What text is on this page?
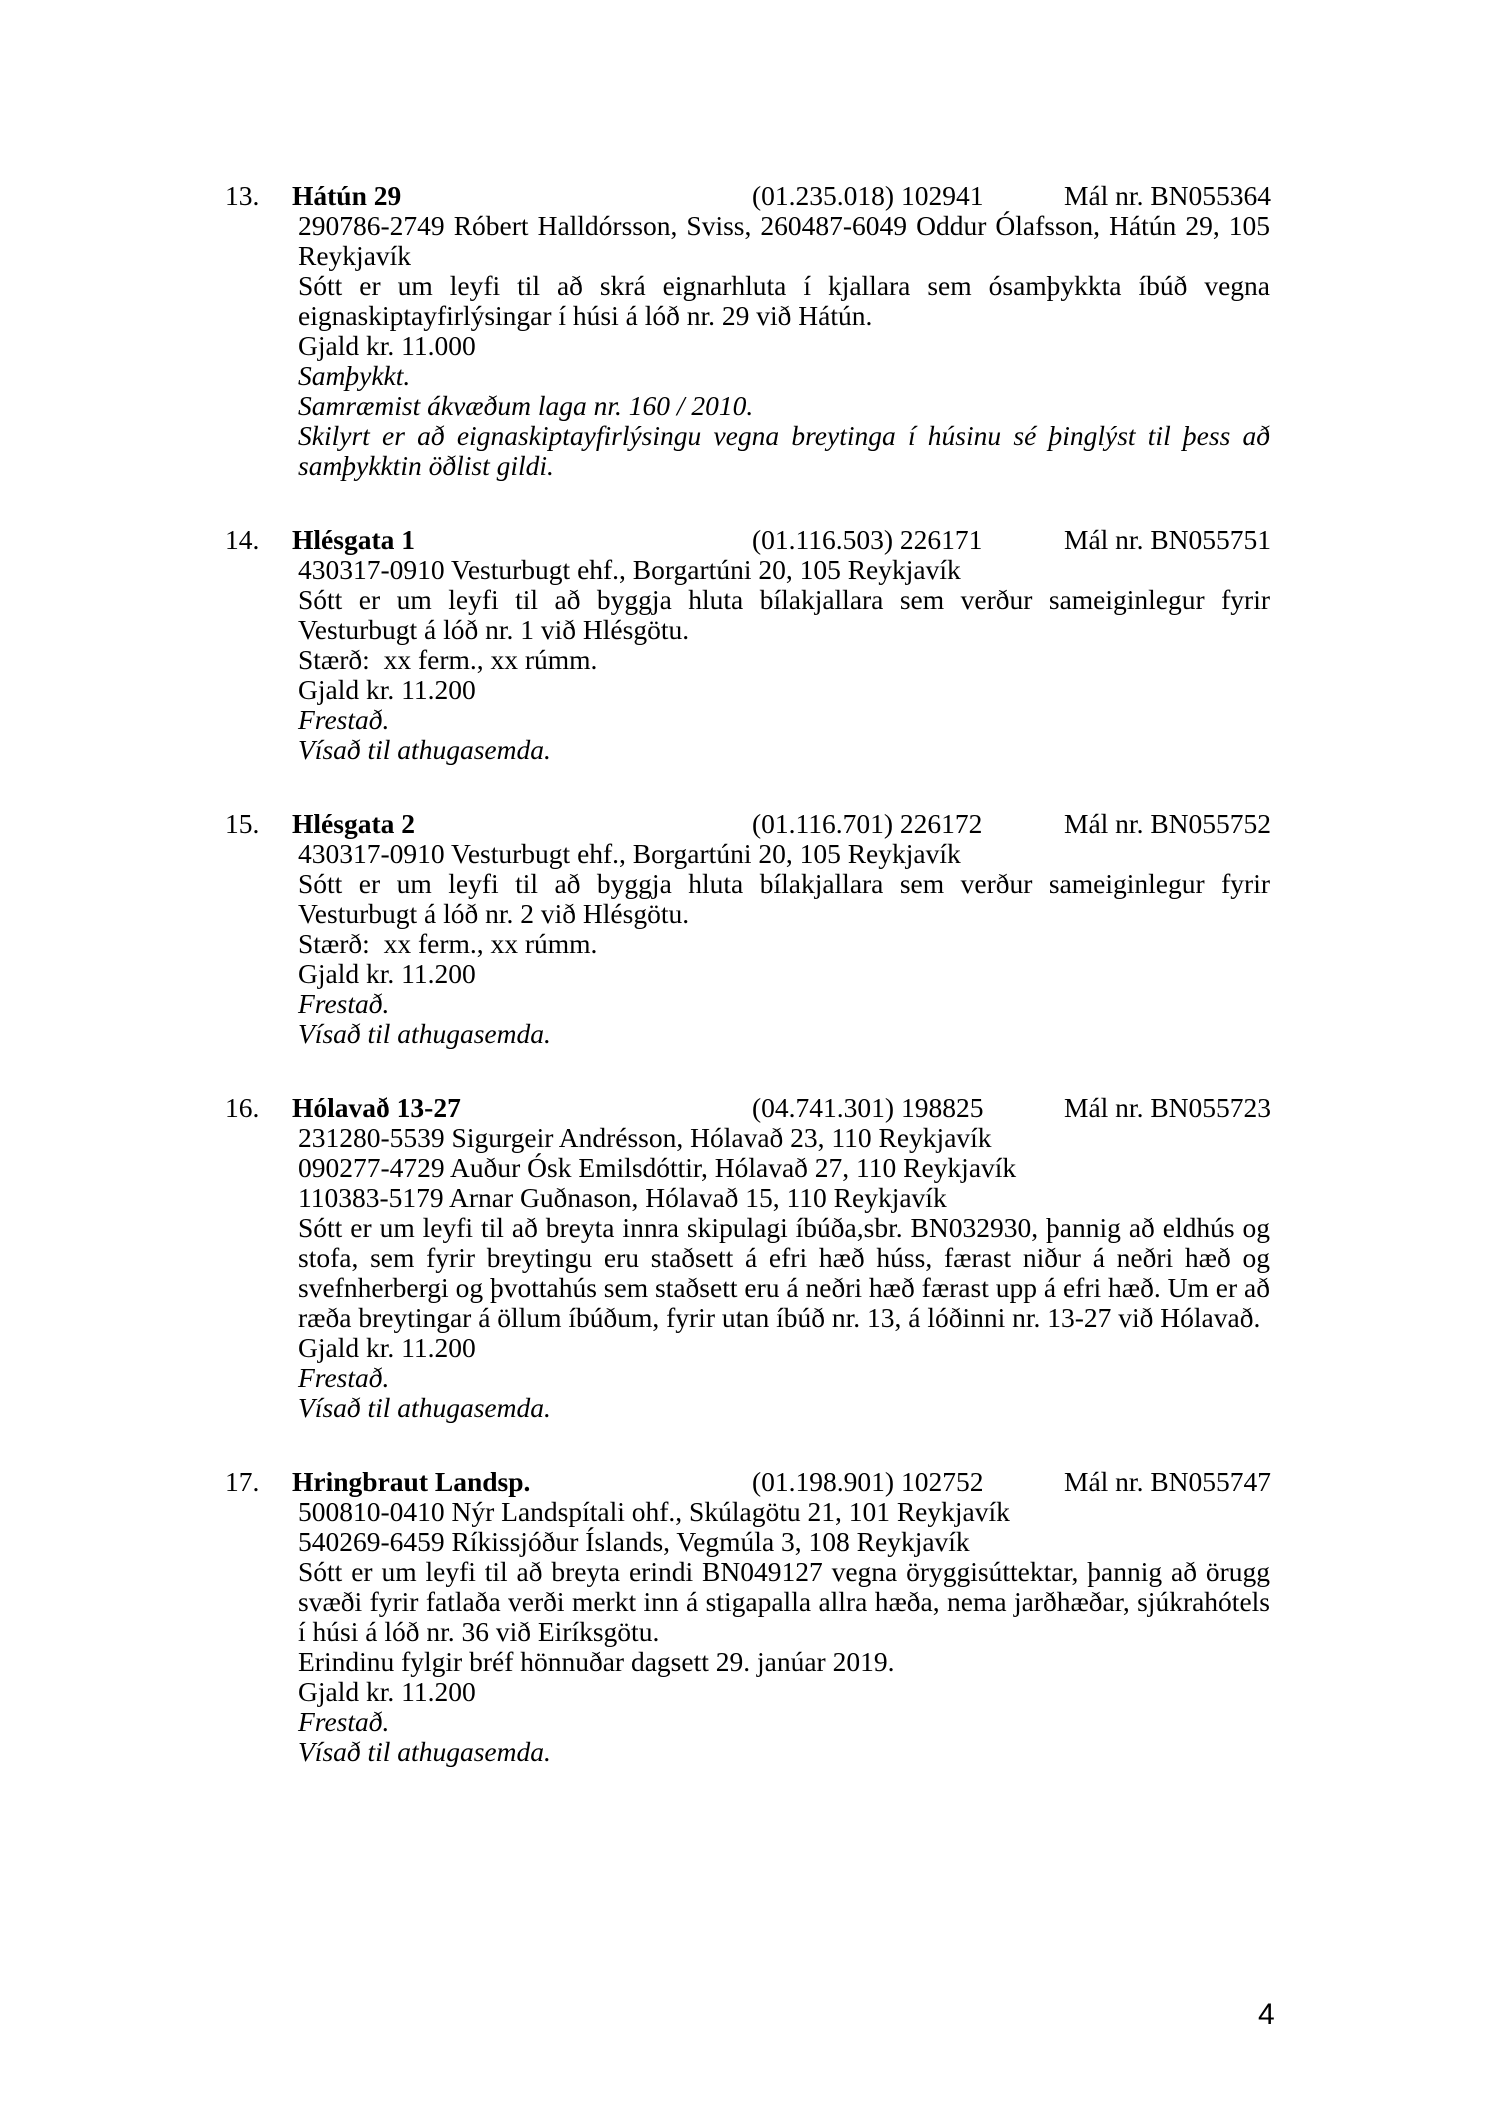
13. Hátún 29	(01.235.018) 102941	Mál nr. BN055364

290786-2749 Róbert Halldórsson, Sviss, 260487-6049 Oddur Ólafsson, Hátún 29, 105 Reykjavík

Sótt er um leyfi til að skrá eignarhluta í kjallara sem ósamþykkta íbúð vegna eignaskiptayfirlýsingar í húsi á lóð nr. 29 við Hátún.

Gjald kr. 11.000

Samþykkt.

Samræmist ákvæðum laga nr. 160 / 2010.

Skilyrt er að eignaskiptayfirlýsingu vegna breytinga í húsinu sé þinglýst til þess að samþykktin öðlist gildi.

14. Hlésgata 1	(01.116.503) 226171	Mál nr. BN055751

430317-0910 Vesturbugt ehf., Borgartúni 20, 105 Reykjavík

Sótt er um leyfi til að byggja hluta bílakjallara sem verður sameiginlegur fyrir Vesturbugt á lóð nr. 1 við Hlésgötu.

Stærð:  xx ferm., xx rúmm.

Gjald kr. 11.200

Frestað.

Vísað til athugasemda.

15. Hlésgata 2	(01.116.701) 226172	Mál nr. BN055752

430317-0910 Vesturbugt ehf., Borgartúni 20, 105 Reykjavík

Sótt er um leyfi til að byggja hluta bílakjallara sem verður sameiginlegur fyrir Vesturbugt á lóð nr. 2 við Hlésgötu.

Stærð:  xx ferm., xx rúmm.

Gjald kr. 11.200

Frestað.

Vísað til athugasemda.

16. Hólavað 13-27	(04.741.301) 198825	Mál nr. BN055723

231280-5539 Sigurgeir Andrésson, Hólavað 23, 110 Reykjavík

090277-4729 Auður Ósk Emilsdóttir, Hólavað 27, 110 Reykjavík

110383-5179 Arnar Guðnason, Hólavað 15, 110 Reykjavík

Sótt er um leyfi til að breyta innra skipulagi íbúða,sbr. BN032930, þannig að eldhús og stofa, sem fyrir breytingu eru staðsett á efri hæð húss, færast niður á neðri hæð og svefnherbergi og þvottahús sem staðsett eru á neðri hæð færast upp á efri hæð. Um er að ræða breytingar á öllum íbúðum, fyrir utan íbúð nr. 13, á lóðinni nr. 13-27 við Hólavað.

Gjald kr. 11.200

Frestað.

Vísað til athugasemda.

17. Hringbraut Landsp.	(01.198.901) 102752	Mál nr. BN055747

500810-0410 Nýr Landspítali ohf., Skúlagötu 21, 101 Reykjavík

540269-6459 Ríkissjóður Íslands, Vegmúla 3, 108 Reykjavík

Sótt er um leyfi til að breyta erindi BN049127 vegna öryggisúttektar, þannig að örugg svæði fyrir fatlaða verði merkt inn á stigapalla allra hæða, nema jarðhæðar, sjúkrahótels í húsi á lóð nr. 36 við Eiríksgötu.

Erindinu fylgir bréf hönnuðar dagsett 29. janúar 2019.

Gjald kr. 11.200

Frestað.

Vísað til athugasemda.

4
